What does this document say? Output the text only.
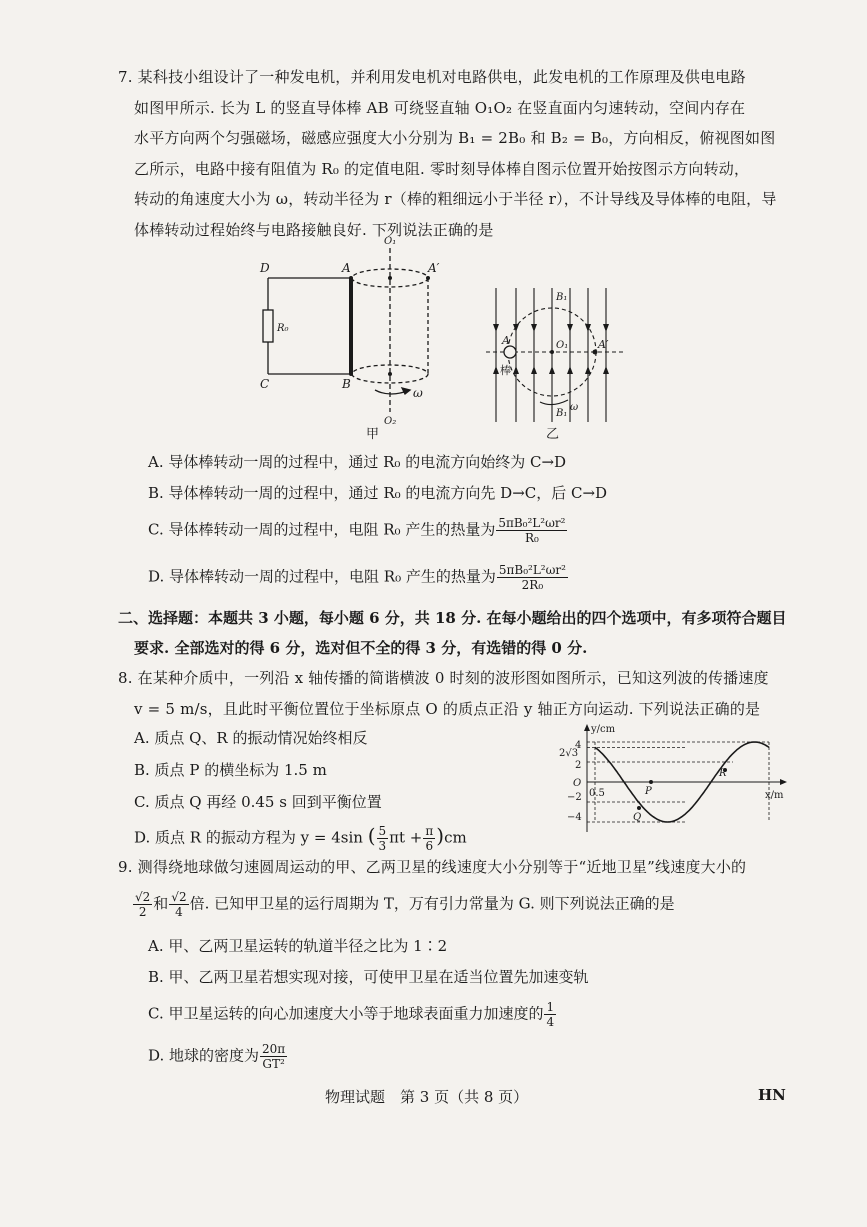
7. 某科技小组设计了一种发电机，并利用发电机对电路供电，此发电机的工作原理及供电电路
如图甲所示. 长为 L 的竖直导体棒 AB 可绕竖直轴 O₁O₂ 在竖直面内匀速转动，空间内存在
水平方向两个匀强磁场，磁感应强度大小分别为 B₁ = 2B₀ 和 B₂ = B₀，方向相反，俯视图如图
乙所示，电路中接有阻值为 R₀ 的定值电阻. 零时刻导体棒自图示位置开始按图示方向转动，
转动的角速度大小为 ω，转动半径为 r（棒的粗细远小于半径 r），不计导线及导体棒的电阻，导
体棒转动过程始终与电路接触良好. 下列说法正确的是
D	A	A′
C	B
O₁
O₂
R₀
ω
甲
A	A′
O₁
B₁
B₁
ω
棒
乙
A. 导体棒转动一周的过程中，通过 R₀ 的电流方向始终为 C→D
B. 导体棒转动一周的过程中，通过 R₀ 的电流方向先 D→C，后 C→D
C. 导体棒转动一周的过程中，电阻 R₀ 产生的热量为 $\frac{\text{5πB₀²L²ωr²}}{\text{R₀}}$
D. 导体棒转动一周的过程中，电阻 R₀ 产生的热量为 $\frac{\text{5πB₀²L²ωr²}}{\text{2R₀}}$
二、选择题：本题共 3 小题，每小题 6 分，共 18 分. 在每小题给出的四个选项中，有多项符合题目
要求. 全部选对的得 6 分，选对但不全的得 3 分，有选错的得 0 分.
8. 在某种介质中，一列沿 x 轴传播的简谐横波 0 时刻的波形图如图所示，已知这列波的传播速度
v = 5 m/s，且此时平衡位置位于坐标原点 O 的质点正沿 y 轴正方向运动. 下列说法正确的是
A. 质点 Q、R 的振动情况始终相反
B. 质点 P 的横坐标为 1.5 m
C. 质点 Q 再经 0.45 s 回到平衡位置
D. 质点 R 的振动方程为 y = 4sin ( $\frac{5}{3}$ $\pi t + \frac{\pi}{6} )cm$
y/cm
x/m
4
2√3
2
−2
−4
0.5
O
P
Q
R
9. 测得绕地球做匀速圆周运动的甲、乙两卫星的线速度大小分别等于“近地卫星”线速度大小的
$\frac{√2}{2}$ 和 $\frac{√2}{4}$ 倍. 已知甲卫星的运行周期为 T，万有引力常量为 G. 则下列说法正确的是
A. 甲、乙两卫星运转的轨道半径之比为 1∶2
B. 甲、乙两卫星若想实现对接，可使甲卫星在适当位置先加速变轨
C. 甲卫星运转的向心加速度大小等于地球表面重力加速度的 $\frac{1}{4}$
D. 地球的密度为 $\frac{20\pi}{\text{GT²}}$
物理试题　第 3 页（共 8 页）	HN
